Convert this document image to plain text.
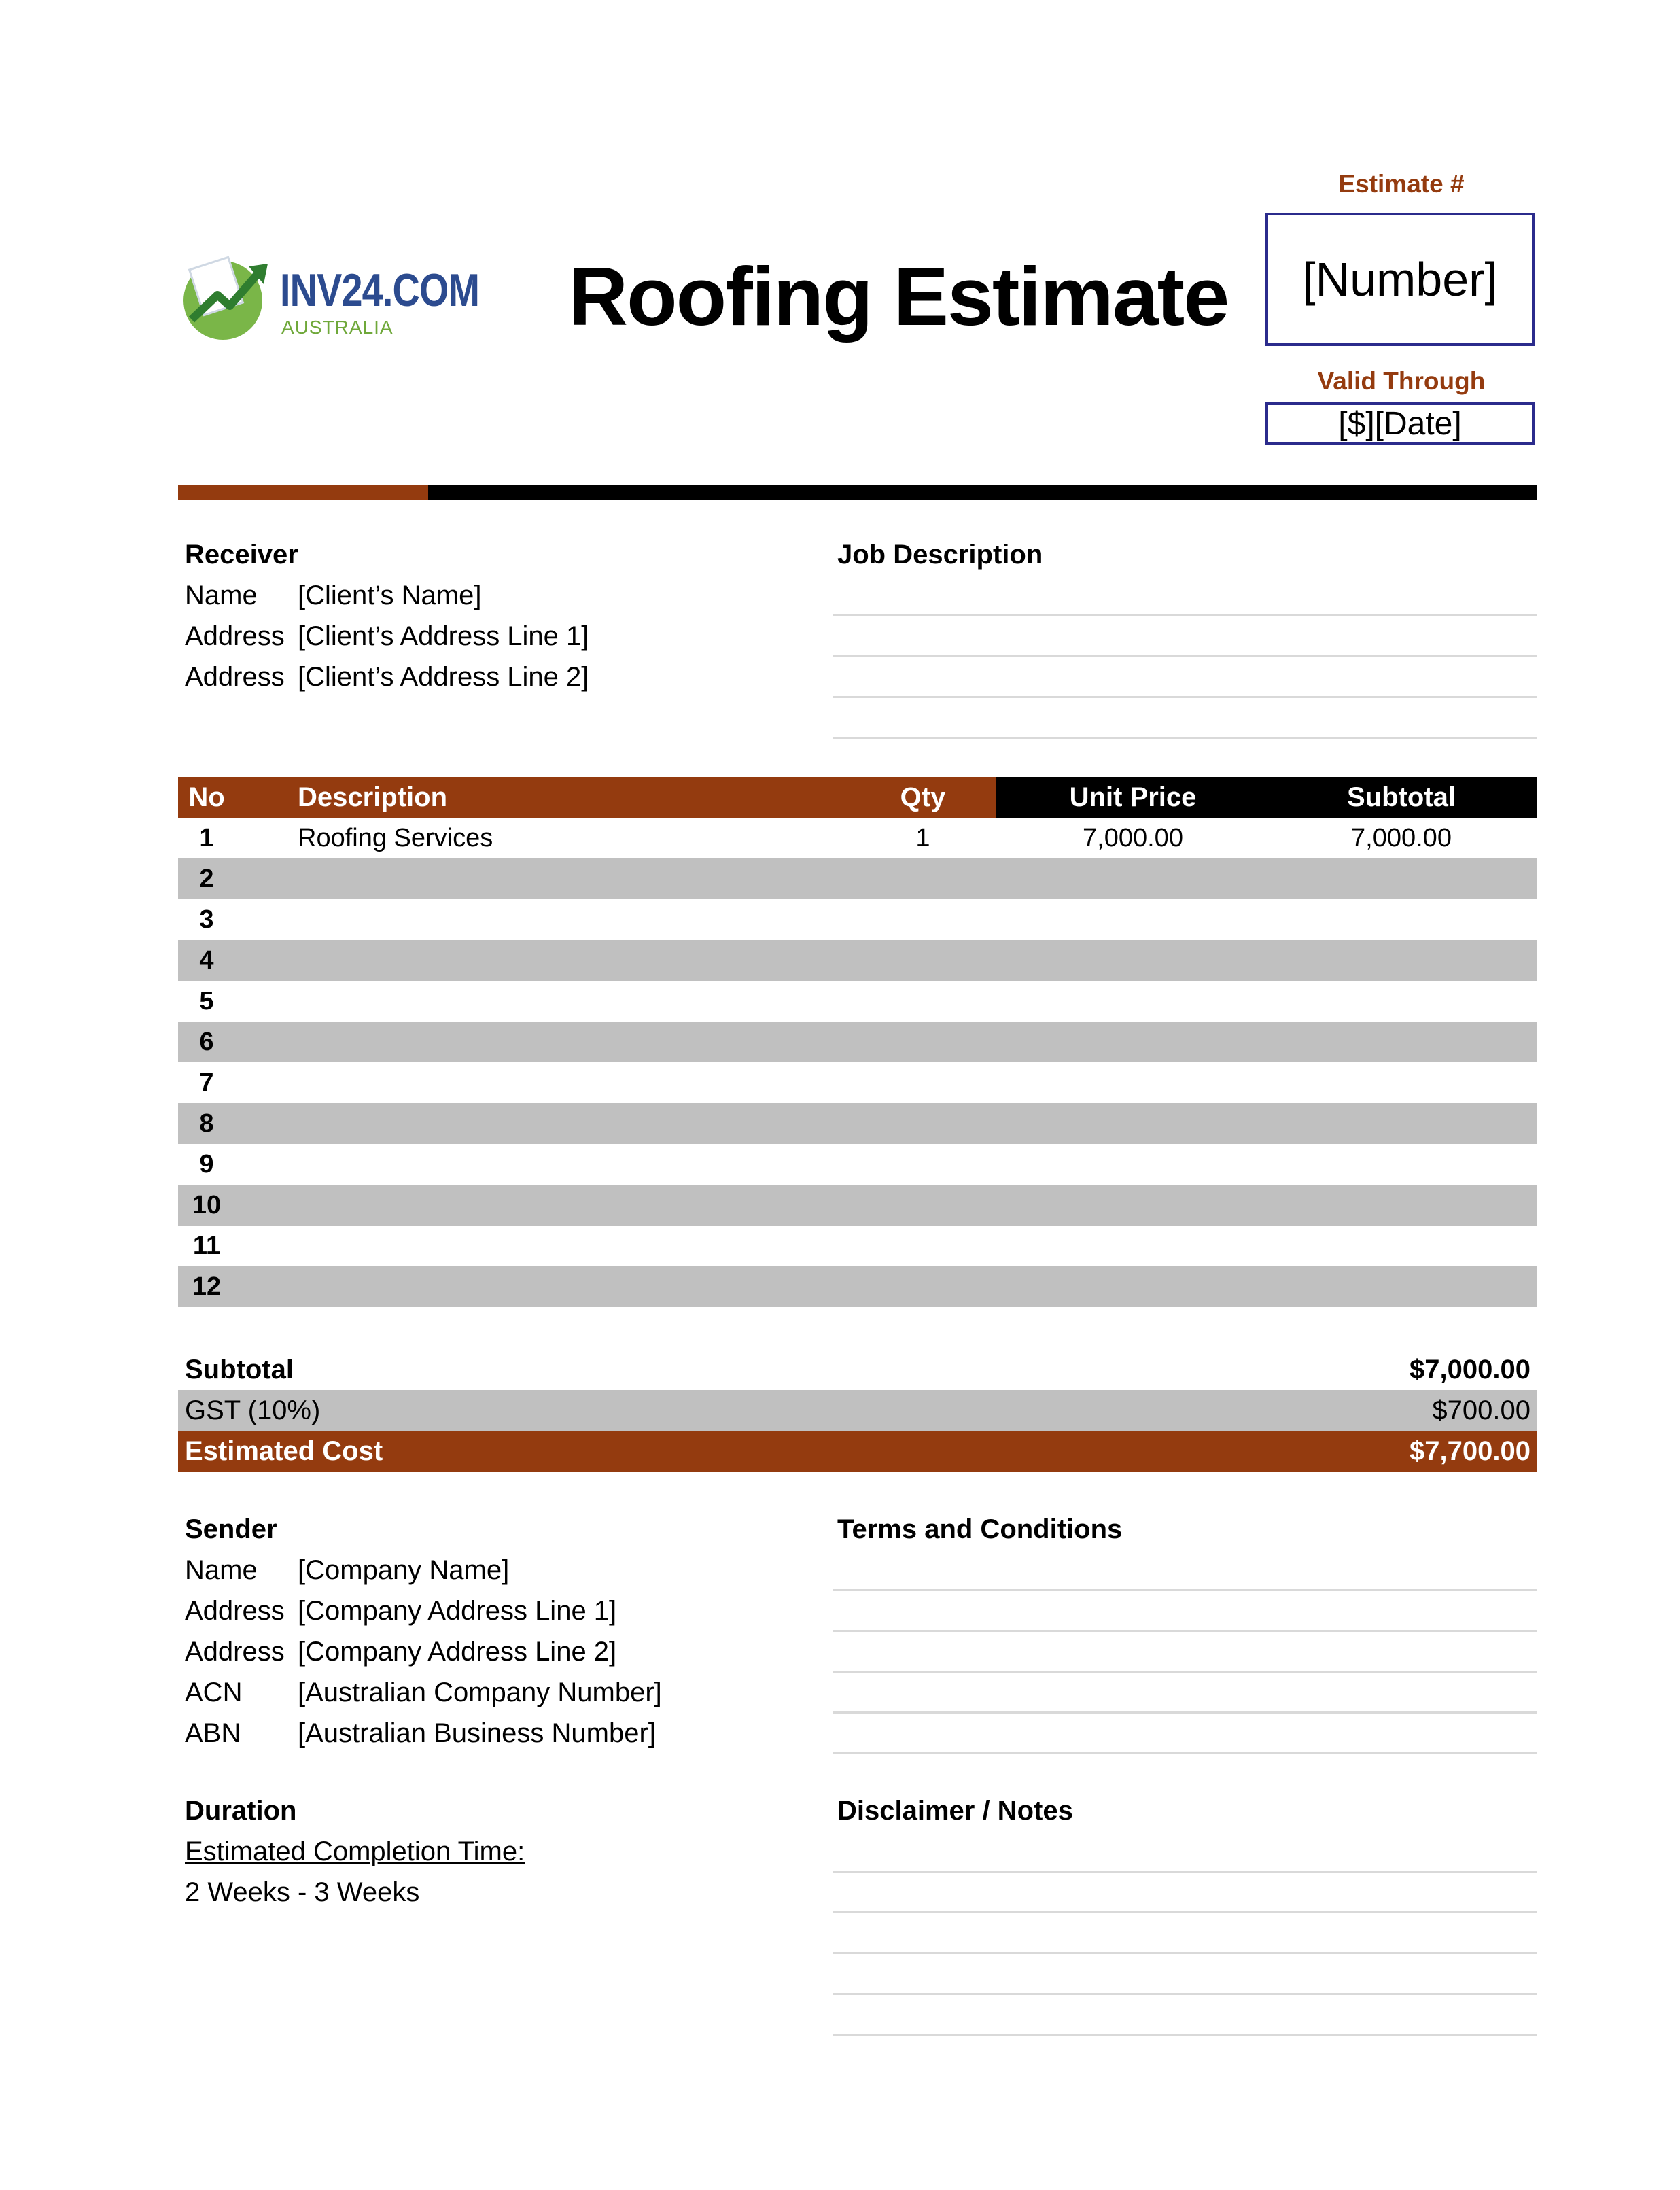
INV24.COM
AUSTRALIA Roofing Estimate
Estimate #
[Number]
Valid Through
[$][Date]
Receiver
Name [Client’s Name]
Address [Client’s Address Line 1]
Address [Client’s Address Line 2]
Job Description
No	Description	Qty	Unit Price	Subtotal
1	Roofing Services	1	7,000.00	7,000.00
2
3
4
5
6
7
8
9
10
11
12
Subtotal	$7,000.00
GST (10%)	$700.00
Estimated Cost	$7,700.00
Sender
Name [Company Name]
Address [Company Address Line 1]
Address [Company Address Line 2]
ACN [Australian Company Number]
ABN [Australian Business Number]
Terms and Conditions
Duration
Estimated Completion Time:
2 Weeks - 3 Weeks
Disclaimer / Notes
